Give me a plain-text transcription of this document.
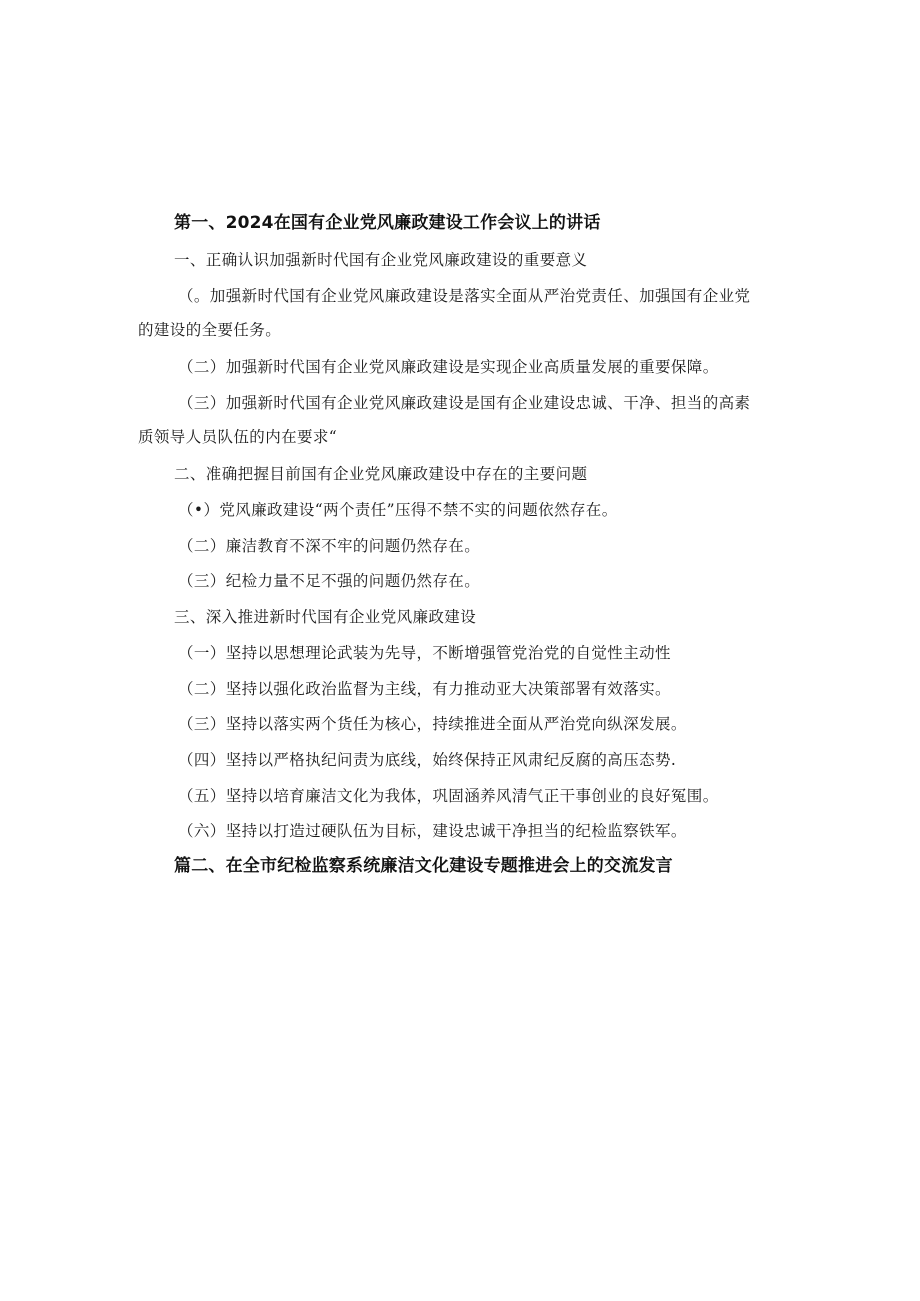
第一、2024在国有企业党风廉政建设工作会议上的讲话
一、正确认识加强新时代国有企业党风廉政建设的重要意义
（。加强新时代国有企业党风廉政建设是落实全面从严治党责任、加强国有企业党
的建设的全要任务。
（二）加强新时代国有企业党风廉政建设是实现企业高质量发展的重要保障。
（三）加强新时代国有企业党风廉政建设是国有企业建设忠诚、干净、担当的高素
质领导人员队伍的内在要求“
二、准确把握目前国有企业党风廉政建设中存在的主要问题
（•）党风廉政建设“两个责任”压得不禁不实的问题依然存在。
（二）廉洁教育不深不牢的问题仍然存在。
（三）纪检力量不足不强的问题仍然存在。
三、深入推进新时代国有企业党风廉政建设
（一）坚持以思想理论武装为先导，不断增强管党治党的自觉性主动性
（二）坚持以强化政治监督为主线，有力推动亚大决策部署有效落实。
（三）坚持以落实两个货任为核心，持续推进全面从严治党向纵深发展。
（四）坚持以严格执纪问责为底线，始终保持正风肃纪反腐的高压态势.
（五）坚持以培育廉洁文化为我体，巩固涵养风清气正干事创业的良好冤围。
（六）坚持以打造过硬队伍为目标，建设忠诚干净担当的纪检监察铁军。
篇二、在全市纪检监察系统廉洁文化建设专题推进会上的交流发言
